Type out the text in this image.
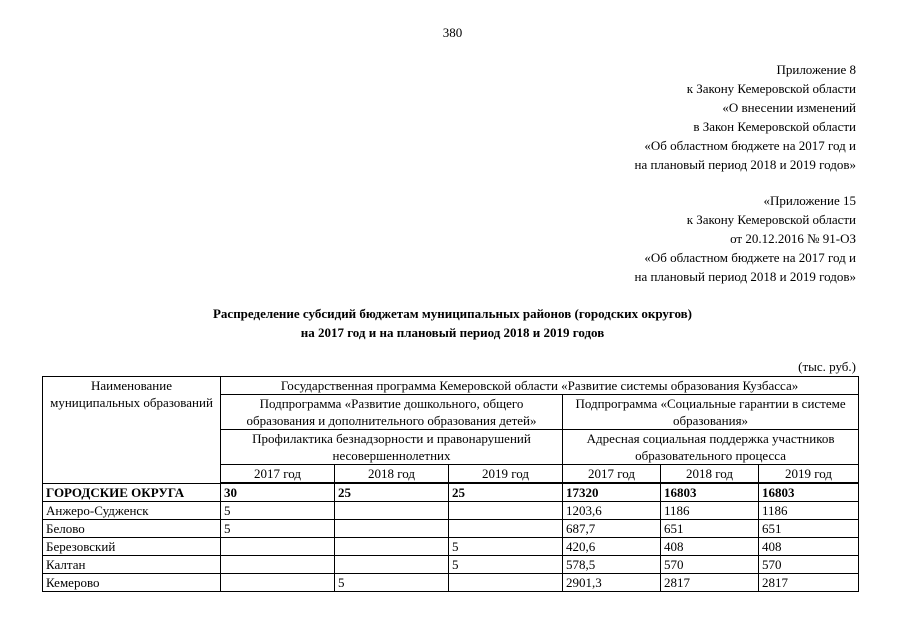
380
Приложение 8
к Закону Кемеровской области
«О внесении изменений
в Закон Кемеровской области
«Об областном бюджете на 2017 год и
на плановый период 2018 и 2019 годов»
«Приложение 15
к Закону Кемеровской области
от 20.12.2016 № 91-ОЗ
«Об областном бюджете на 2017 год и
на плановый период 2018 и 2019 годов»
Распределение субсидий бюджетам муниципальных районов (городских округов)
на 2017 год и на плановый период 2018 и 2019 годов
(тыс. руб.)
Наименование муниципальных образований	Государственная программа Кемеровской области «Развитие системы образования Кузбасса»					
	Подпрограмма «Развитие дошкольного, общего образования и дополнительного образования детей»			Подпрограмма «Социальные гарантии в системе образования»		
	Профилактика безнадзорности и правонарушений несовершеннолетних			Адресная социальная поддержка участников образовательного процесса		
	2017 год	2018 год	2019 год	2017 год	2018 год	2019 год
ГОРОДСКИЕ ОКРУГА	30	25	25	17320	16803	16803
Анжеро-Судженск	5			1203,6	1186	1186
Белово	5			687,7	651	651
Березовский			5	420,6	408	408
Калтан			5	578,5	570	570
Кемерово		5		2901,3	2817	2817
